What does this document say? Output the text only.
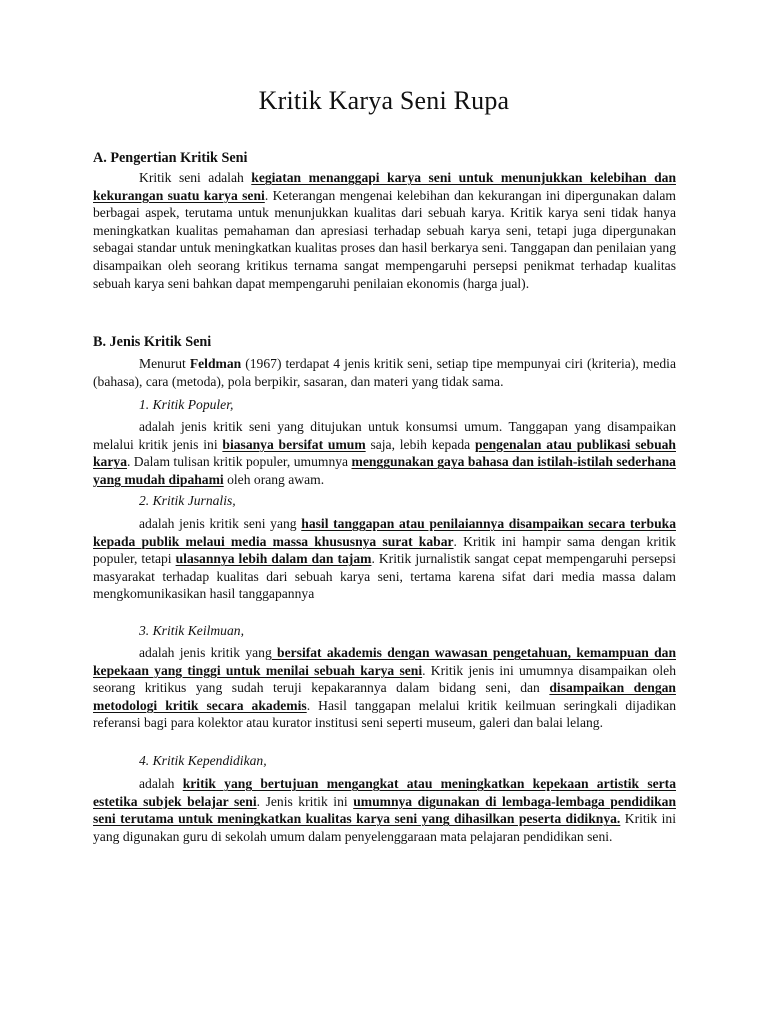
Kritik Karya Seni Rupa
A. Pengertian Kritik Seni
Kritik seni adalah kegiatan menanggapi karya seni untuk menunjukkan kelebihan dan kekurangan suatu karya seni. Keterangan mengenai kelebihan dan kekurangan ini dipergunakan dalam berbagai aspek, terutama untuk menunjukkan kualitas dari sebuah karya. Kritik karya seni tidak hanya meningkatkan kualitas pemahaman dan apresiasi terhadap sebuah karya seni, tetapi juga dipergunakan sebagai standar untuk meningkatkan kualitas proses dan hasil berkarya seni. Tanggapan dan penilaian yang disampaikan oleh seorang kritikus ternama sangat mempengaruhi persepsi penikmat terhadap kualitas sebuah karya seni bahkan dapat mempengaruhi penilaian ekonomis (harga jual).
B. Jenis Kritik Seni
Menurut Feldman (1967) terdapat 4 jenis kritik seni, setiap tipe mempunyai ciri (kriteria), media (bahasa), cara (metoda), pola berpikir, sasaran, dan materi yang tidak sama.
1. Kritik Populer,
adalah jenis kritik seni yang ditujukan untuk konsumsi umum. Tanggapan yang disampaikan melalui kritik jenis ini biasanya bersifat umum saja, lebih kepada pengenalan atau publikasi sebuah karya. Dalam tulisan kritik populer, umumnya menggunakan gaya bahasa dan istilah-istilah sederhana yang mudah dipahami oleh orang awam.
2. Kritik Jurnalis,
adalah jenis kritik seni yang hasil tanggapan atau penilaiannya disampaikan secara terbuka kepada publik melaui media massa khususnya surat kabar. Kritik ini hampir sama dengan kritik populer, tetapi ulasannya lebih dalam dan tajam. Kritik jurnalistik sangat cepat mempengaruhi persepsi masyarakat terhadap kualitas dari sebuah karya seni, tertama karena sifat dari media massa dalam mengkomunikasikan hasil tanggapannya
3. Kritik Keilmuan,
adalah jenis kritik yang bersifat akademis dengan wawasan pengetahuan, kemampuan dan kepekaan yang tinggi untuk menilai sebuah karya seni. Kritik jenis ini umumnya disampaikan oleh seorang kritikus yang sudah teruji kepakarannya dalam bidang seni, dan disampaikan dengan metodologi kritik secara akademis. Hasil tanggapan melalui kritik keilmuan seringkali dijadikan referansi bagi para kolektor atau kurator institusi seni seperti museum, galeri dan balai lelang.
4. Kritik Kependidikan,
adalah kritik yang bertujuan mengangkat atau meningkatkan kepekaan artistik serta estetika subjek belajar seni. Jenis kritik ini umumnya digunakan di lembaga-lembaga pendidikan seni terutama untuk meningkatkan kualitas karya seni yang dihasilkan peserta didiknya. Kritik ini yang digunakan guru di sekolah umum dalam penyelenggaraan mata pelajaran pendidikan seni.
